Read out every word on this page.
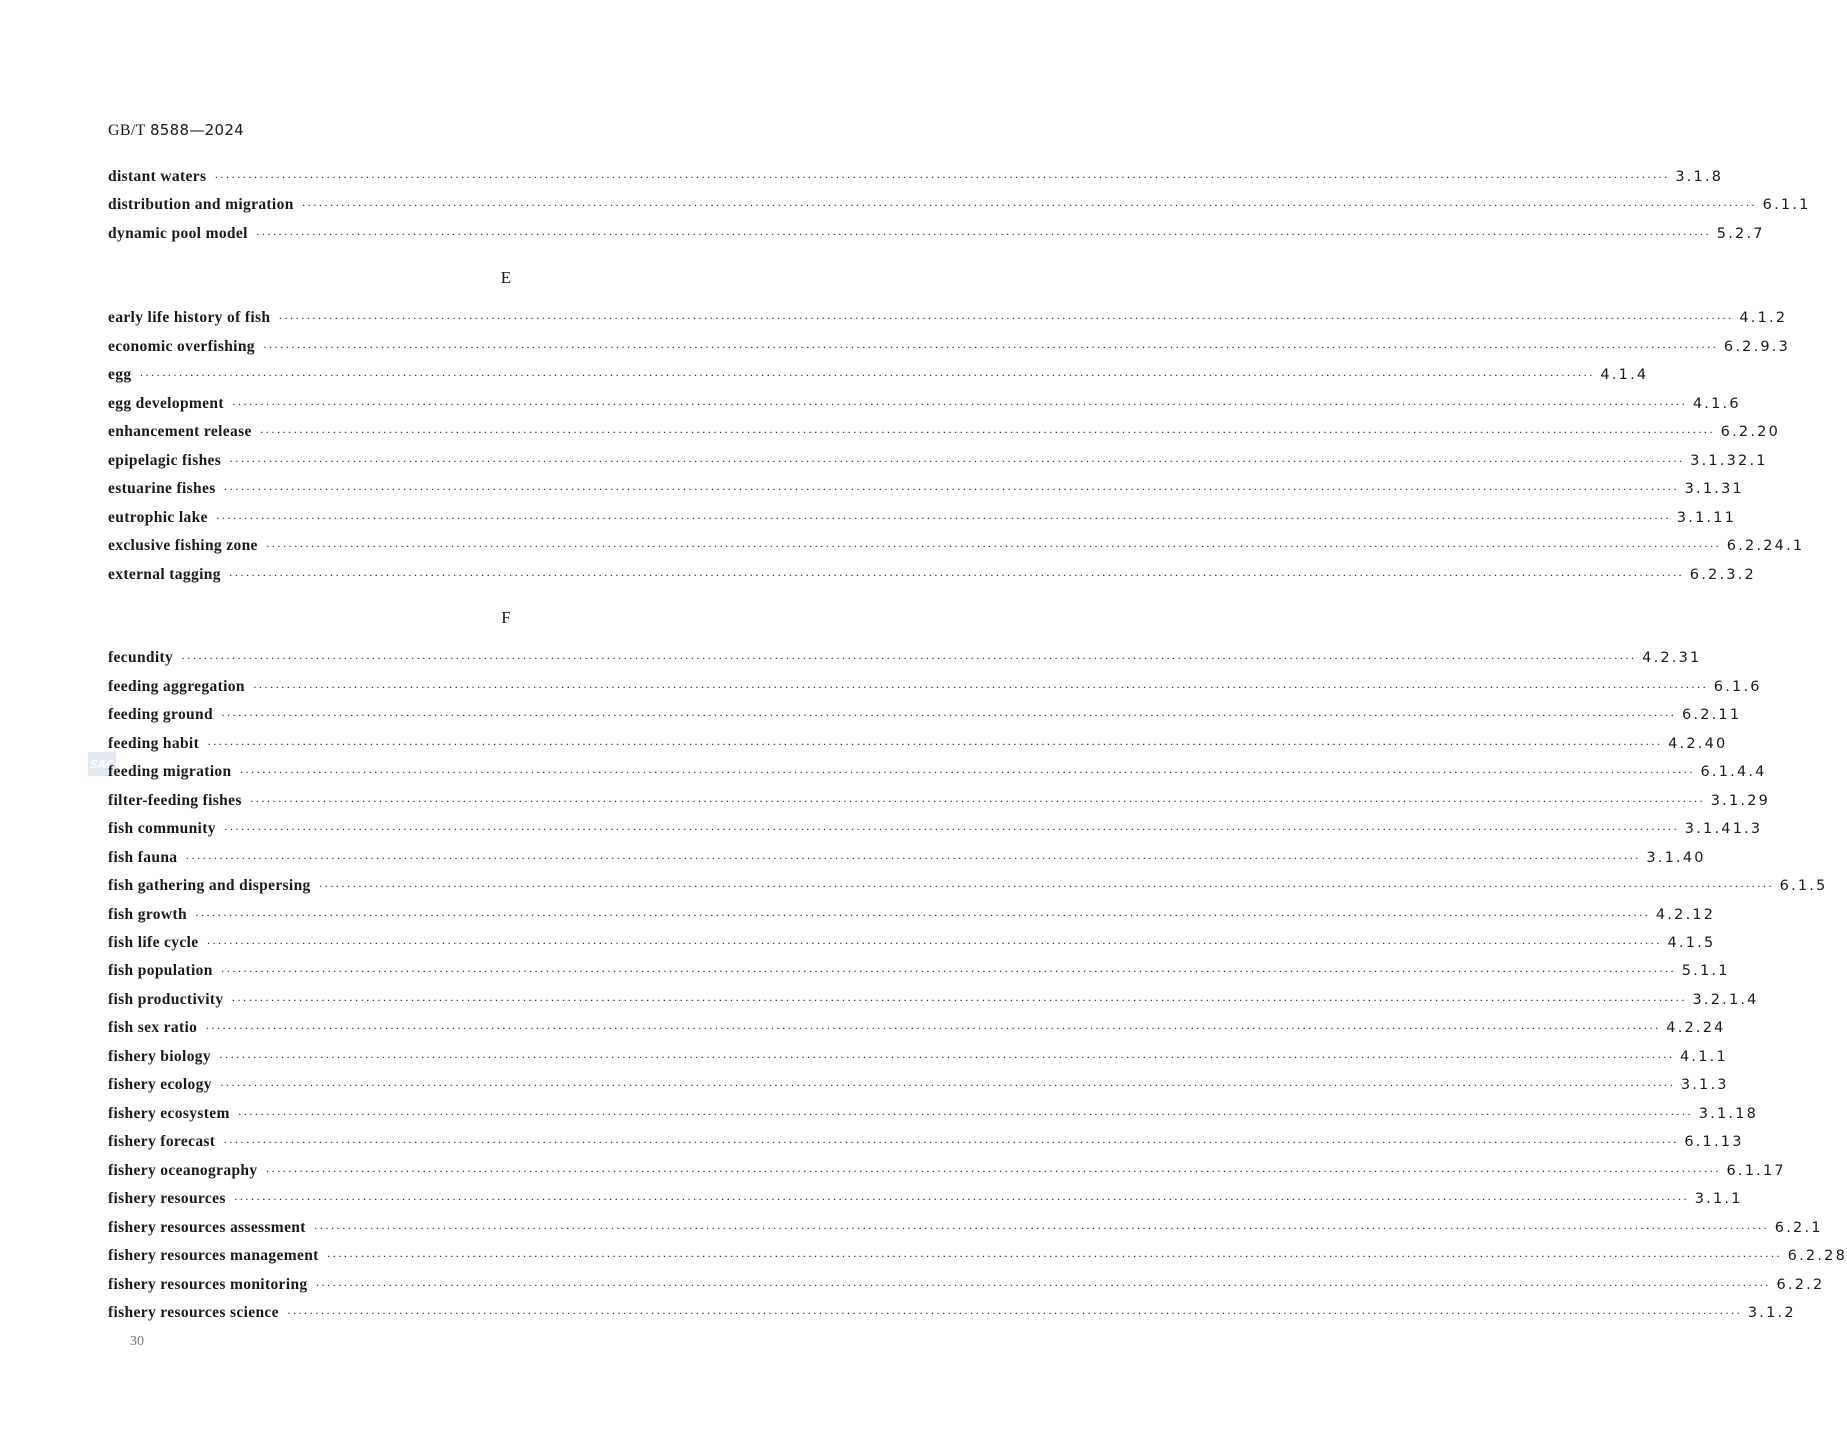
GB/T 8588—2024
SAC
distant waters ···································································································································································································································································· 3.1.8
distribution and migration ···································································································································································································································································· 6.1.1
dynamic pool model ···································································································································································································································································· 5.2.7
E
early life history of fish ···································································································································································································································································· 4.1.2
economic overfishing ···································································································································································································································································· 6.2.9.3
egg ···································································································································································································································································· 4.1.4
egg development ···································································································································································································································································· 4.1.6
enhancement release ···································································································································································································································································· 6.2.20
epipelagic fishes ···································································································································································································································································· 3.1.32.1
estuarine fishes ···································································································································································································································································· 3.1.31
eutrophic lake ···································································································································································································································································· 3.1.11
exclusive fishing zone ···································································································································································································································································· 6.2.24.1
external tagging ···································································································································································································································································· 6.2.3.2
F
fecundity ···································································································································································································································································· 4.2.31
feeding aggregation ···································································································································································································································································· 6.1.6
feeding ground ···································································································································································································································································· 6.2.11
feeding habit ···································································································································································································································································· 4.2.40
feeding migration ···································································································································································································································································· 6.1.4.4
filter-feeding fishes ···································································································································································································································································· 3.1.29
fish community ···································································································································································································································································· 3.1.41.3
fish fauna ···································································································································································································································································· 3.1.40
fish gathering and dispersing ···································································································································································································································································· 6.1.5
fish growth ···································································································································································································································································· 4.2.12
fish life cycle ···································································································································································································································································· 4.1.5
fish population ···································································································································································································································································· 5.1.1
fish productivity ···································································································································································································································································· 3.2.1.4
fish sex ratio ···································································································································································································································································· 4.2.24
fishery biology ···································································································································································································································································· 4.1.1
fishery ecology ···································································································································································································································································· 3.1.3
fishery ecosystem ···································································································································································································································································· 3.1.18
fishery forecast ···································································································································································································································································· 6.1.13
fishery oceanography ···································································································································································································································································· 6.1.17
fishery resources ···································································································································································································································································· 3.1.1
fishery resources assessment ···································································································································································································································································· 6.2.1
fishery resources management ···································································································································································································································································· 6.2.28
fishery resources monitoring ···································································································································································································································································· 6.2.2
fishery resources science ···································································································································································································································································· 3.1.2
30
